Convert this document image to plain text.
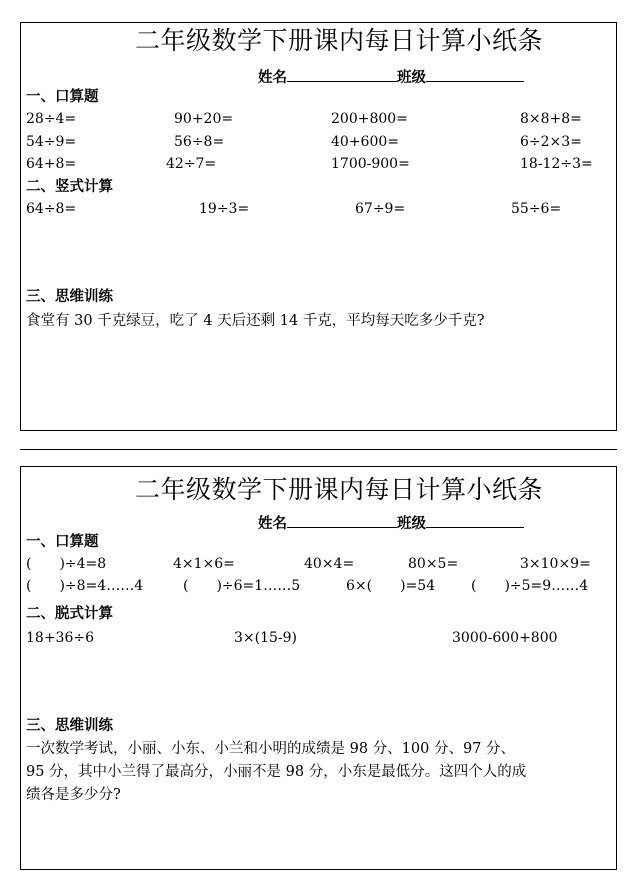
二年级数学下册课内每日计算小纸条
姓名	班级
一、口算题
28÷4=	90+20=	200+800=	8×8+8=
54÷9=	56÷8=	40+600=	6÷2×3=
64+8=	42÷7=	1700-900=	18-12÷3=
二、竖式计算
64÷8=	19÷3=	67÷9=	55÷6=
三、思维训练
食堂有 30 千克绿豆，吃了 4 天后还剩 14 千克，平均每天吃多少千克?
二年级数学下册课内每日计算小纸条
姓名	班级
一、口算题
(　　)÷4=8	4×1×6=	40×4=	80×5=	3×10×9=
(　　)÷8=4……4	(　　)÷6=1……5	6×(　　)=54	(　　)÷5=9……4
二、脱式计算
18+36÷6	3×(15-9)	3000-600+800
三、思维训练
一次数学考试，小丽、小东、小兰和小明的成绩是 98 分、100 分、97 分、
95 分，其中小兰得了最高分，小丽不是 98 分，小东是最低分。这四个人的成
绩各是多少分?
